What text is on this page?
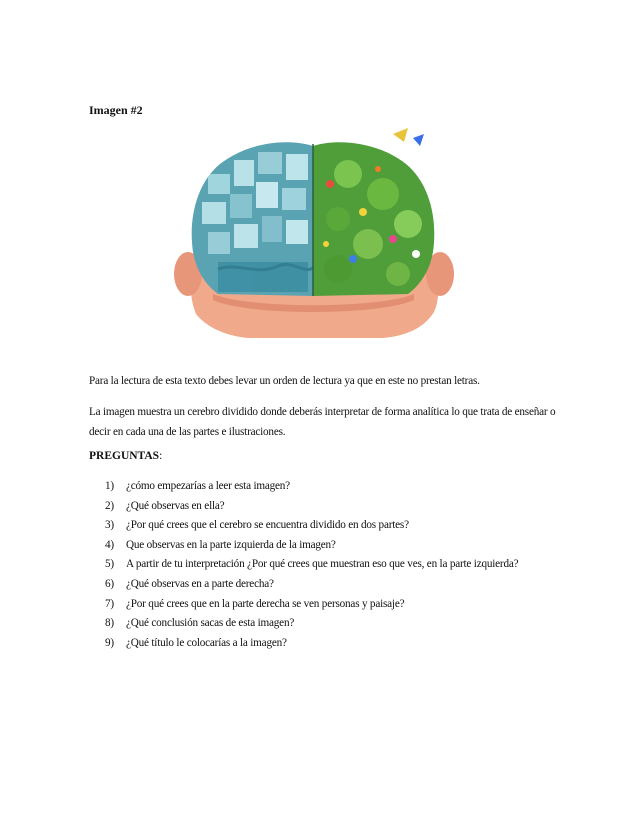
Imagen #2
Para la lectura de esta texto debes levar un orden de lectura ya que en este no prestan letras.
La imagen muestra un cerebro dividido donde deberás interpretar de forma analítica lo que trata de enseñar o decir en cada una de las partes e ilustraciones.
PREGUNTAS:
1) ¿cómo empezarías a leer esta imagen?
2) ¿Qué observas en ella?
3) ¿Por qué crees que el cerebro se encuentra dividido en dos partes?
4) Que observas en la parte izquierda de la imagen?
5) A partir de tu interpretación ¿Por qué crees que muestran eso que ves, en la parte izquierda?
6) ¿Qué observas en a parte derecha?
7) ¿Por qué crees que en la parte derecha se ven personas y paisaje?
8) ¿Qué conclusión sacas de esta imagen?
9) ¿Qué título le colocarías a la imagen?
